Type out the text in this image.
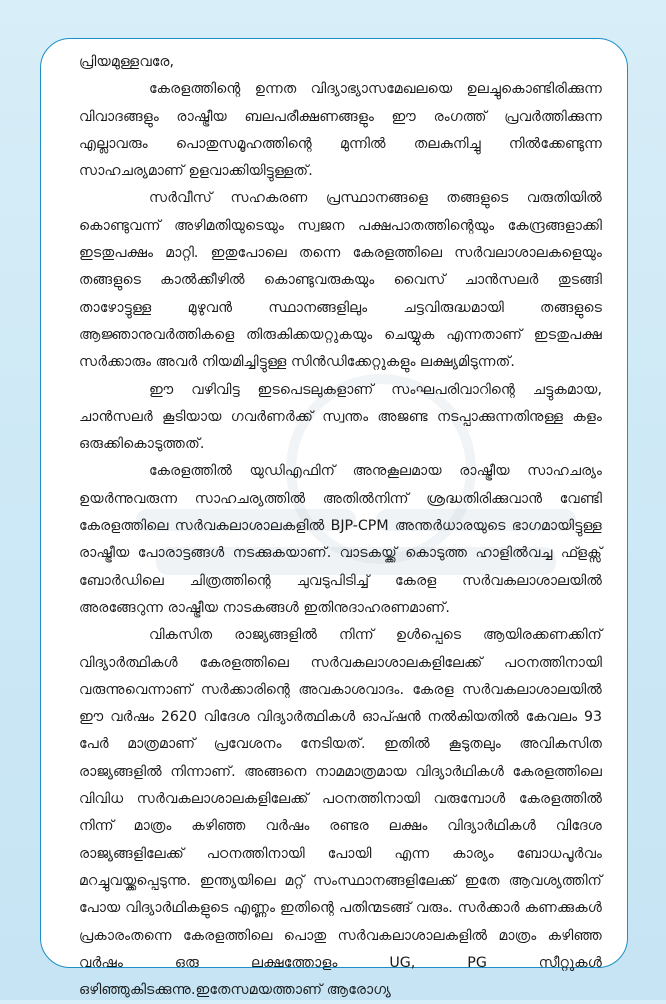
പ്രിയമുള്ളവരേ,

കേരളത്തിന്റെ ഉന്നത വിദ്യാഭ്യാസമേഖലയെ ഉലച്ചുകൊണ്ടിരിക്കുന്ന വിവാദങ്ങളും രാഷ്ട്രീയ ബലപരീക്ഷണങ്ങളും ഈ രംഗത്ത് പ്രവർത്തിക്കുന്ന എല്ലാവരും പൊതുസമൂഹത്തിന്റെ മുന്നിൽ തലകുനിച്ചു നിൽക്കേണ്ടുന്ന സാഹചര്യമാണ് ഉളവാക്കിയിട്ടുള്ളത്.

സർവീസ് സഹകരണ പ്രസ്ഥാനങ്ങളെ തങ്ങളുടെ വരുതിയിൽ കൊണ്ടുവന്ന് അഴിമതിയുടെയും സ്വജന പക്ഷപാതത്തിന്റെയും കേന്ദ്രങ്ങളാക്കി ഇടതുപക്ഷം മാറ്റി. ഇതുപോലെ തന്നെ കേരളത്തിലെ സർവലാശാലകളെയും തങ്ങളുടെ കാൽക്കീഴിൽ കൊണ്ടുവരുകയും വൈസ് ചാൻസലർ തുടങ്ങി താഴോട്ടുള്ള മുഴുവൻ സ്ഥാനങ്ങളിലും ചട്ടവിരുദ്ധമായി തങ്ങളുടെ ആജ്ഞാനുവർത്തികളെ തിരുകിക്കയറ്റുകയും ചെയ്യുക എന്നതാണ് ഇടതുപക്ഷ സർക്കാരും അവർ നിയമിച്ചിട്ടുള്ള സിൻഡിക്കേറ്റുകളും ലക്ഷ്യമിടുന്നത്.

ഈ വഴിവിട്ട ഇടപെടലുകളാണ് സംഘപരിവാറിന്റെ ചട്ടുകമായ, ചാൻസലർ കൂടിയായ ഗവർണർക്ക് സ്വന്തം അജണ്ട നടപ്പാക്കുന്നതിനുള്ള കളം ഒരുക്കികൊടുത്തത്.

കേരളത്തിൽ യുഡിഎഫിന് അനുകൂലമായ രാഷ്ട്രീയ സാഹചര്യം ഉയർന്നുവരുന്ന സാഹചര്യത്തിൽ അതിൽനിന്ന് ശ്രദ്ധതിരിക്കുവാൻ വേണ്ടി കേരളത്തിലെ സർവകലാശാലകളിൽ BJP-CPM അന്തർധാരയുടെ ഭാഗമായിട്ടുള്ള രാഷ്ട്രീയ പോരാട്ടങ്ങൾ നടക്കുകയാണ്. വാടകയ്ക്ക് കൊടുത്ത ഹാളിൽവച്ച ഫ്ളക്സ് ബോർഡിലെ ചിത്രത്തിന്റെ ചുവടുപിടിച്ച് കേരള സർവകലാശാലയിൽ അരങ്ങേറുന്ന രാഷ്ട്രീയ നാടകങ്ങൾ ഇതിനുദാഹരണമാണ്.

വികസിത രാജ്യങ്ങളിൽ നിന്ന് ഉൾപ്പെടെ ആയിരക്കണക്കിന് വിദ്യാർത്ഥികൾ കേരളത്തിലെ സർവകലാശാലകളിലേക്ക് പഠനത്തിനായി വരുന്നുവെന്നാണ് സർക്കാരിന്റെ അവകാശവാദം. കേരള സർവകലാശാലയിൽ ഈ വർഷം 2620 വിദേശ വിദ്യാർത്ഥികൾ ഓപ്ഷൻ നൽകിയതിൽ കേവലം 93 പേർ മാത്രമാണ് പ്രവേശനം നേടിയത്. ഇതിൽ കൂടുതലും അവികസിത രാജ്യങ്ങളിൽ നിന്നാണ്. അങ്ങനെ നാമമാത്രമായ വിദ്യാർഥികൾ കേരളത്തിലെ വിവിധ സർവകലാശാലകളിലേക്ക് പഠനത്തിനായി വരുമ്പോൾ കേരളത്തിൽ നിന്ന് മാത്രം കഴിഞ്ഞ വർഷം രണ്ടര ലക്ഷം വിദ്യാർഥികൾ വിദേശ രാജ്യങ്ങളിലേക്ക് പഠനത്തിനായി പോയി എന്ന കാര്യം ബോധപൂർവം മറച്ചുവയ്ക്കപ്പെടുന്നു. ഇന്ത്യയിലെ മറ്റ് സംസ്ഥാനങ്ങളിലേക്ക് ഇതേ ആവശ്യത്തിന് പോയ വിദ്യാർഥികളുടെ എണ്ണം ഇതിന്റെ പതിന്മടങ്ങ് വരും. സർക്കാർ കണക്കുകൾ പ്രകാരംതന്നെ കേരളത്തിലെ പൊതു സർവകലാശാലകളിൽ മാത്രം കഴിഞ്ഞ വർഷം ഒരു ലക്ഷത്തോളം UG, PG സീറ്റുകൾ ഒഴിഞ്ഞുകിടക്കുന്നു.ഇതേസമയത്താണ് ആരോഗ്യ
